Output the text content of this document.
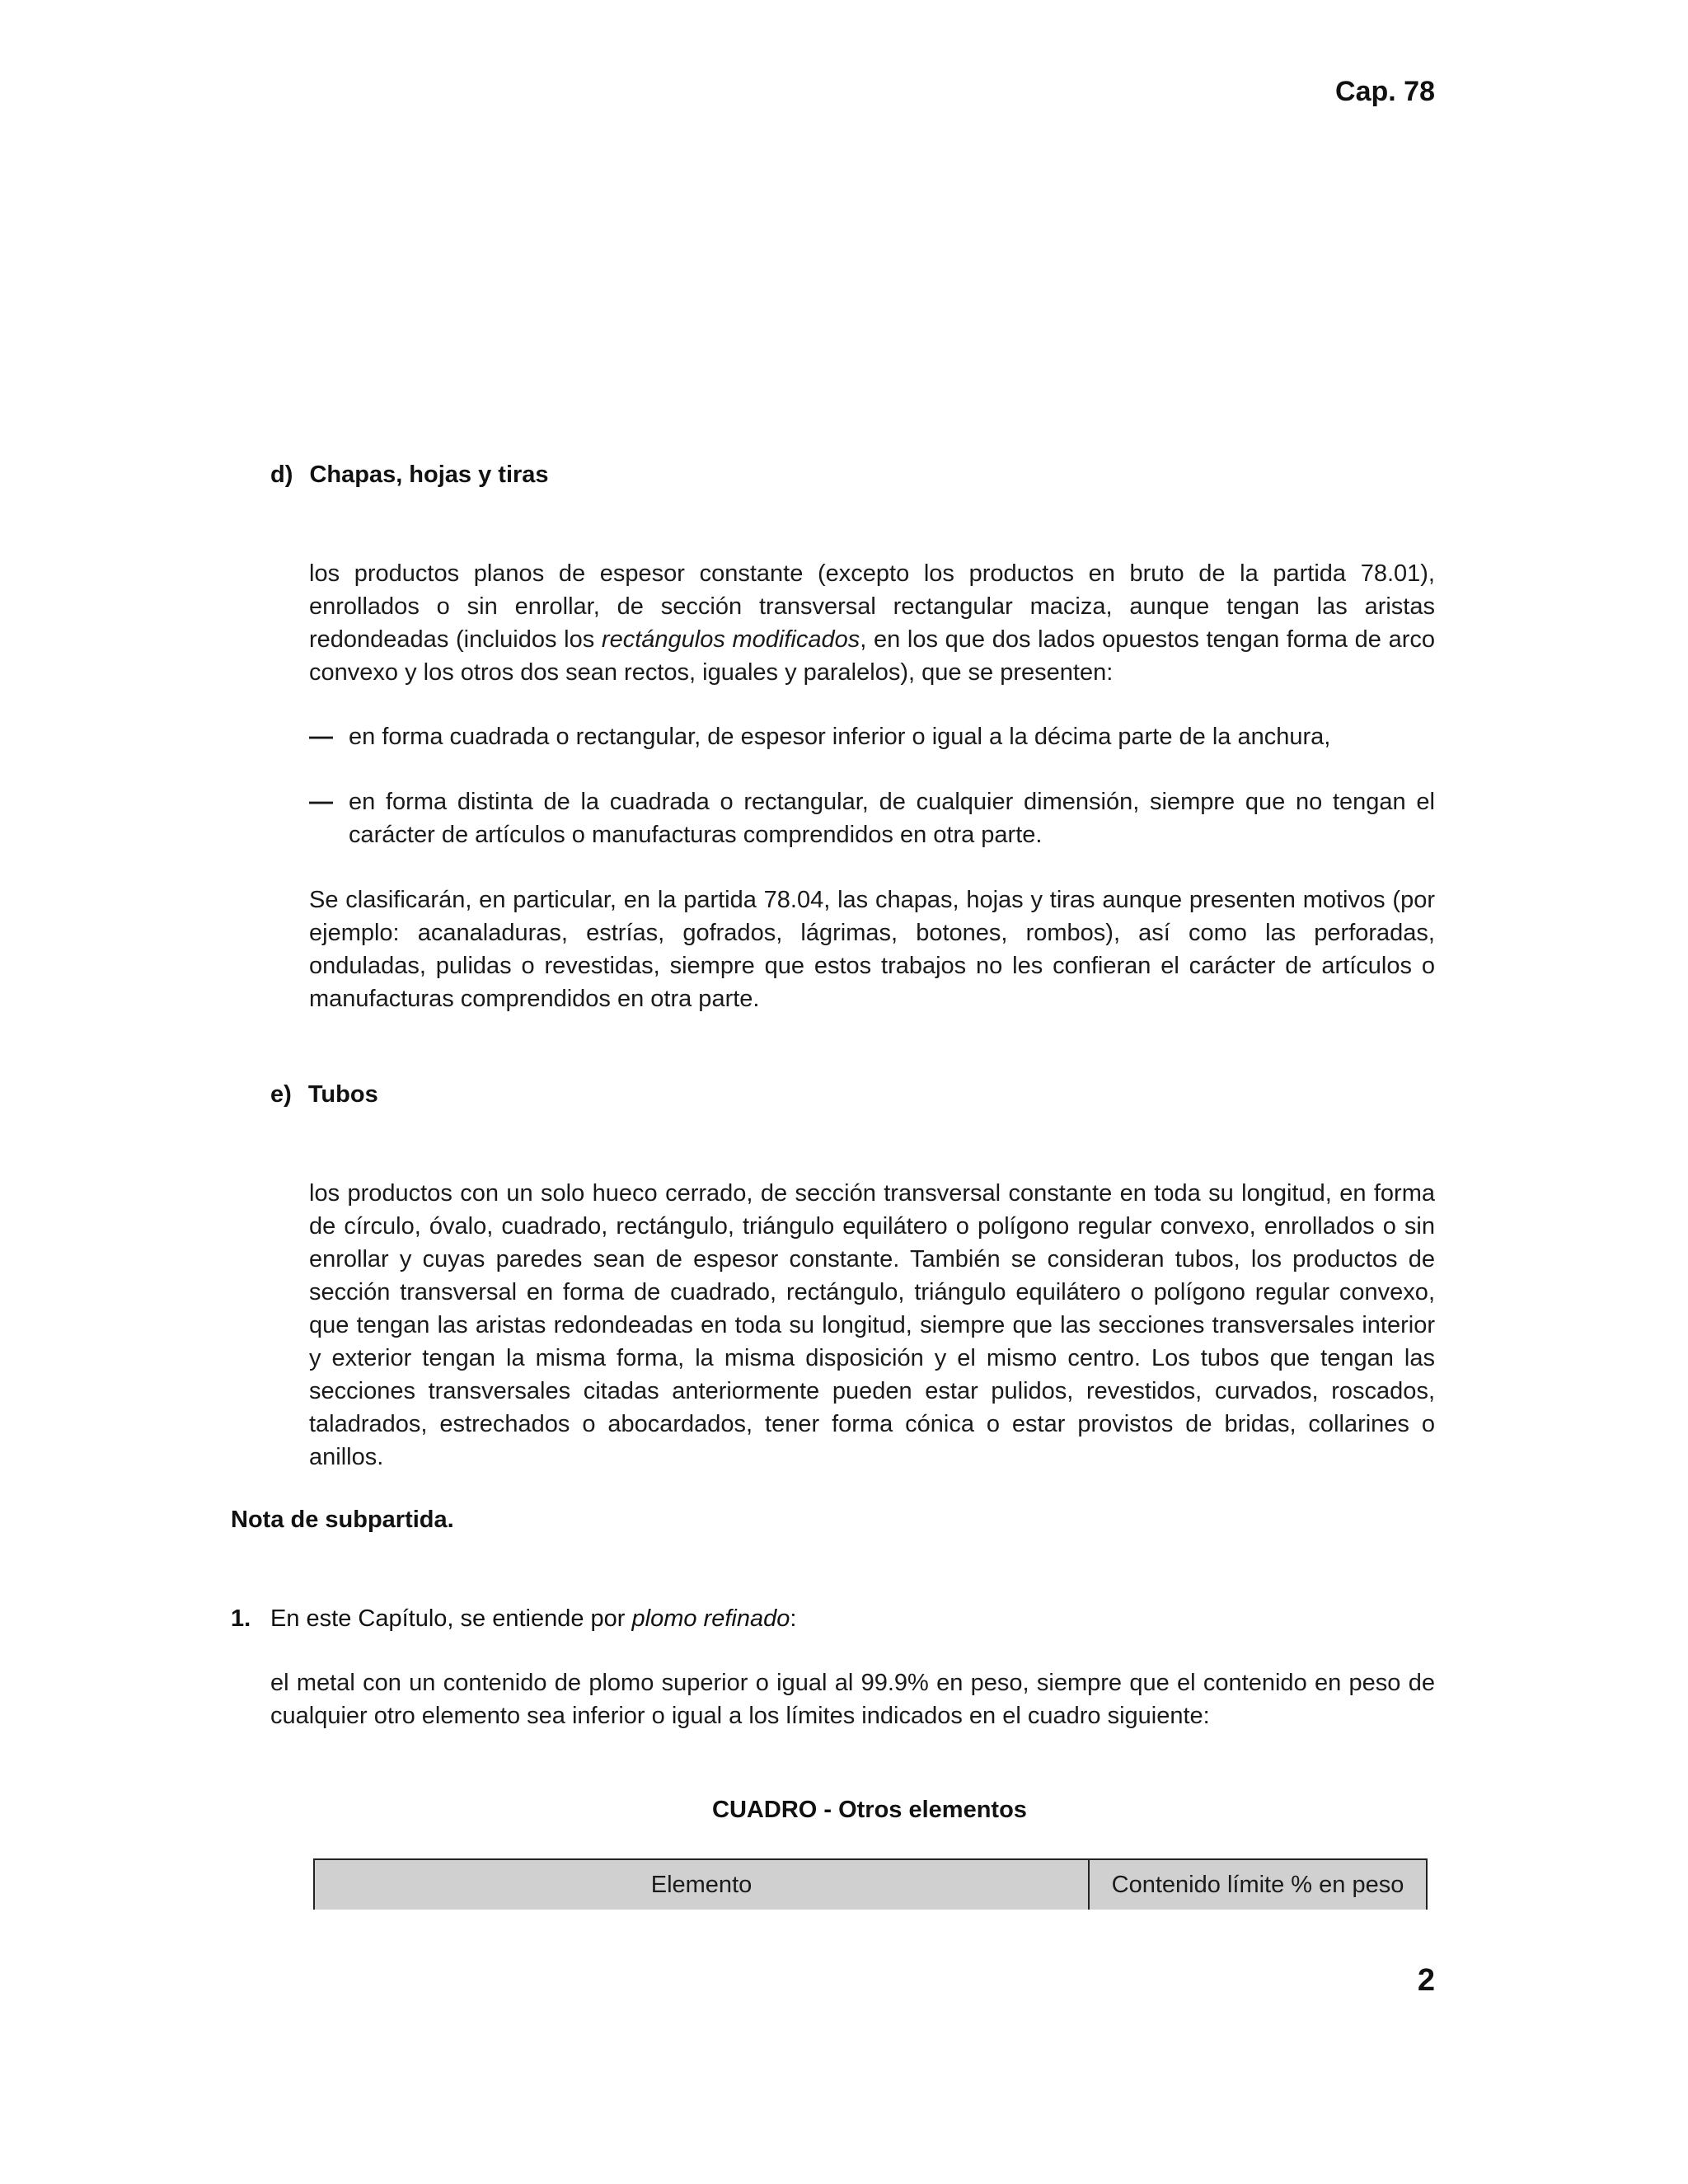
Cap. 78
d) Chapas, hojas y tiras
los productos planos de espesor constante (excepto los productos en bruto de la partida 78.01), enrollados o sin enrollar, de sección transversal rectangular maciza, aunque tengan las aristas redondeadas (incluidos los rectángulos modificados, en los que dos lados opuestos tengan forma de arco convexo y los otros dos sean rectos, iguales y paralelos), que se presenten:
— en forma cuadrada o rectangular, de espesor inferior o igual a la décima parte de la anchura,
— en forma distinta de la cuadrada o rectangular, de cualquier dimensión, siempre que no tengan el carácter de artículos o manufacturas comprendidos en otra parte.
Se clasificarán, en particular, en la partida 78.04, las chapas, hojas y tiras aunque presenten motivos (por ejemplo: acanaladuras, estrías, gofrados, lágrimas, botones, rombos), así como las perforadas, onduladas, pulidas o revestidas, siempre que estos trabajos no les confieran el carácter de artículos o manufacturas comprendidos en otra parte.
e) Tubos
los productos con un solo hueco cerrado, de sección transversal constante en toda su longitud, en forma de círculo, óvalo, cuadrado, rectángulo, triángulo equilátero o polígono regular convexo, enrollados o sin enrollar y cuyas paredes sean de espesor constante. También se consideran tubos, los productos de sección transversal en forma de cuadrado, rectángulo, triángulo equilátero o polígono regular convexo, que tengan las aristas redondeadas en toda su longitud, siempre que las secciones transversales interior y exterior tengan la misma forma, la misma disposición y el mismo centro. Los tubos que tengan las secciones transversales citadas anteriormente pueden estar pulidos, revestidos, curvados, roscados, taladrados, estrechados o abocardados, tener forma cónica o estar provistos de bridas, collarines o anillos.
Nota de subpartida.
1. En este Capítulo, se entiende por plomo refinado:
el metal con un contenido de plomo superior o igual al 99.9% en peso, siempre que el contenido en peso de cualquier otro elemento sea inferior o igual a los límites indicados en el cuadro siguiente:
CUADRO - Otros elementos
Elemento	Contenido límite % en peso
2
